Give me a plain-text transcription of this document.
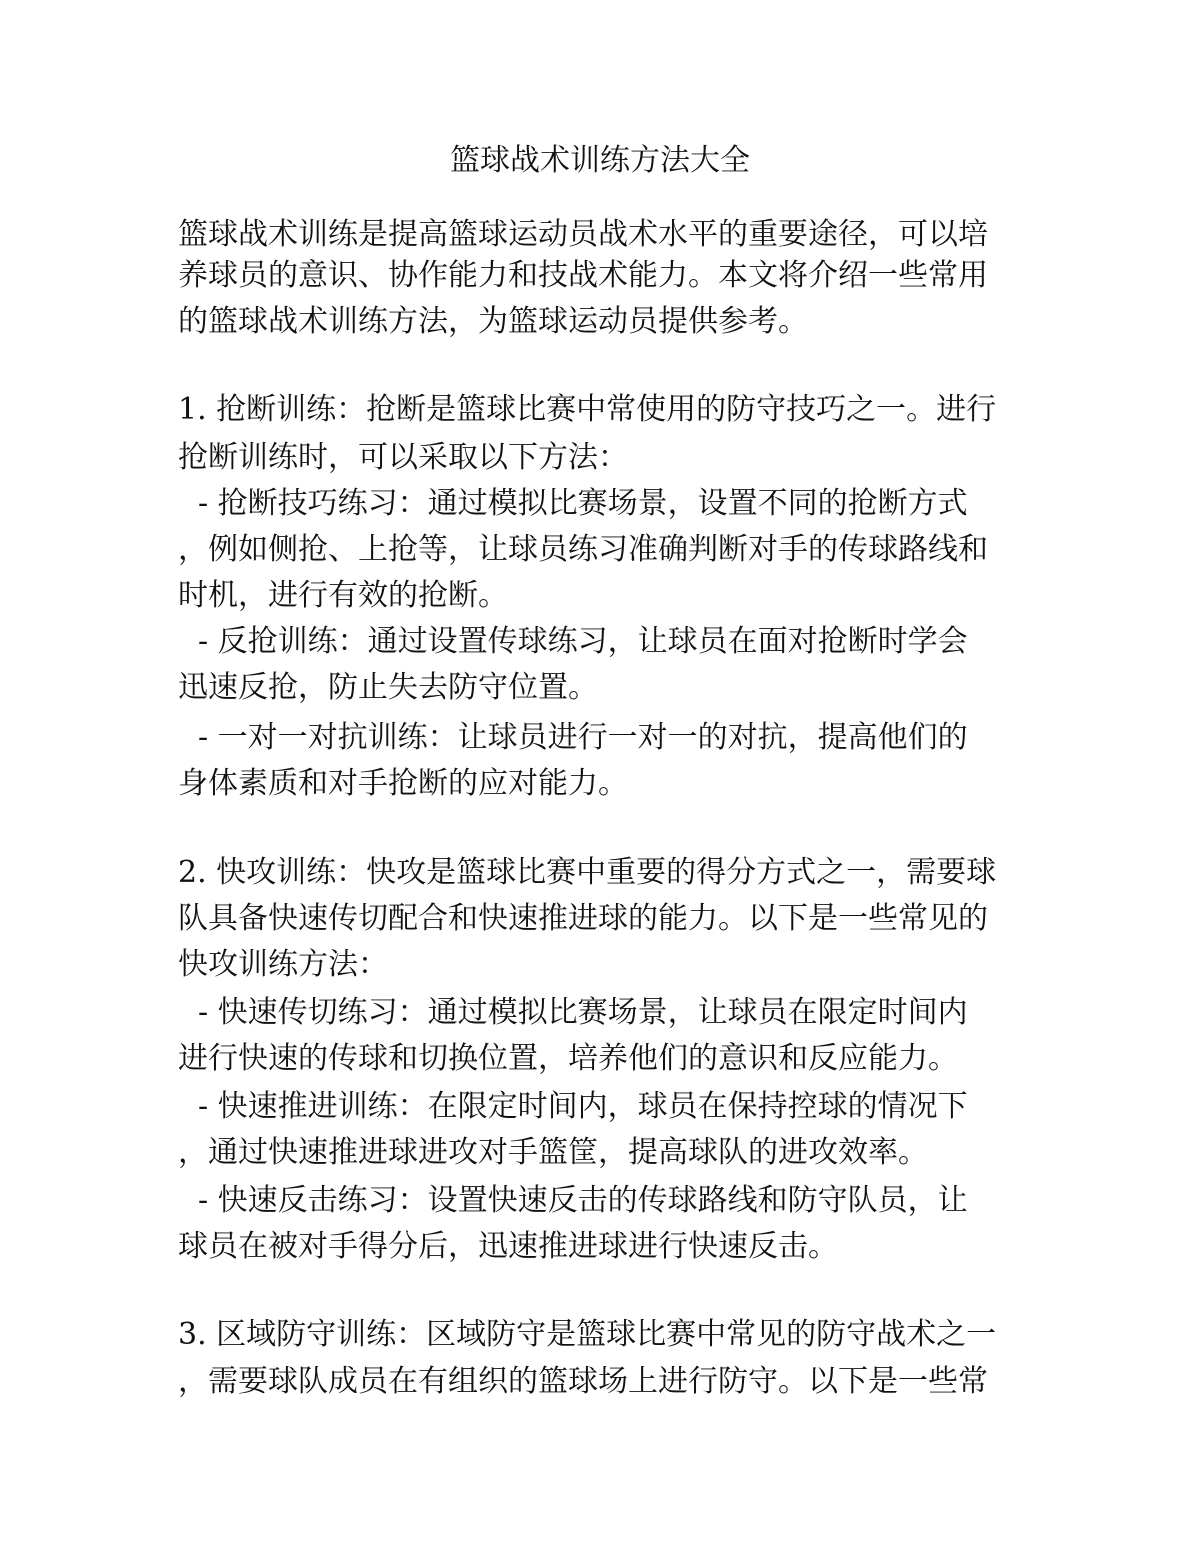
篮球战术训练方法大全
篮球战术训练是提高篮球运动员战术水平的重要途径，可以培
养球员的意识、协作能力和技战术能力。本文将介绍一些常用
的篮球战术训练方法，为篮球运动员提供参考。
1. 抢断训练：抢断是篮球比赛中常使用的防守技巧之一。进行
抢断训练时，可以采取以下方法：
- 抢断技巧练习：通过模拟比赛场景，设置不同的抢断方式
，例如侧抢、上抢等，让球员练习准确判断对手的传球路线和
时机，进行有效的抢断。
- 反抢训练：通过设置传球练习，让球员在面对抢断时学会
迅速反抢，防止失去防守位置。
- 一对一对抗训练：让球员进行一对一的对抗，提高他们的
身体素质和对手抢断的应对能力。
2. 快攻训练：快攻是篮球比赛中重要的得分方式之一，需要球
队具备快速传切配合和快速推进球的能力。以下是一些常见的
快攻训练方法：
- 快速传切练习：通过模拟比赛场景，让球员在限定时间内
进行快速的传球和切换位置，培养他们的意识和反应能力。
- 快速推进训练：在限定时间内，球员在保持控球的情况下
，通过快速推进球进攻对手篮筐，提高球队的进攻效率。
- 快速反击练习：设置快速反击的传球路线和防守队员，让
球员在被对手得分后，迅速推进球进行快速反击。
3. 区域防守训练：区域防守是篮球比赛中常见的防守战术之一
，需要球队成员在有组织的篮球场上进行防守。以下是一些常
